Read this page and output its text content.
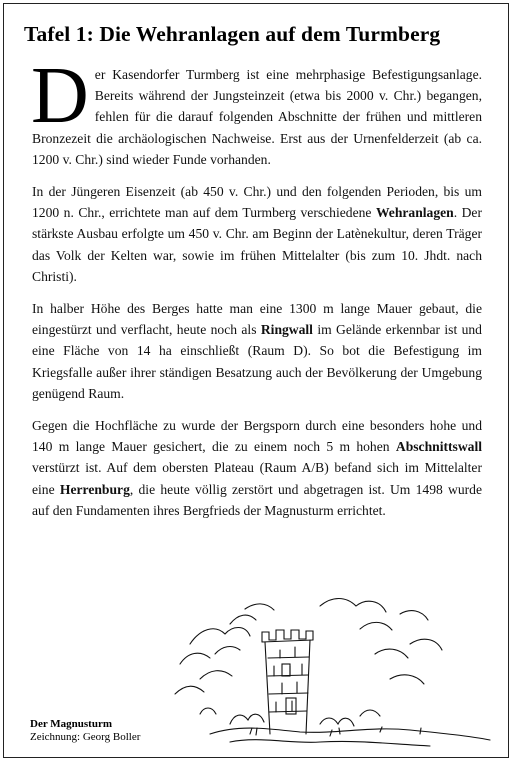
Tafel 1: Die Wehranlagen auf dem Turmberg

Der Kasendorfer Turmberg ist eine mehrphasige Befestigungsanlage. Bereits während der Jungsteinzeit (etwa bis 2000 v. Chr.) begangen, fehlen für die darauf folgenden Abschnitte der frühen und mittleren Bronzezeit die archäologischen Nachweise. Erst aus der Urnenfelderzeit (ab ca. 1200 v. Chr.) sind wieder Funde vorhanden.

In der Jüngeren Eisenzeit (ab 450 v. Chr.) und den folgenden Perioden, bis um 1200 n. Chr., errichtete man auf dem Turmberg verschiedene Wehranlagen. Der stärkste Ausbau erfolgte um 450 v. Chr. am Beginn der Latènekultur, deren Träger das Volk der Kelten war, sowie im frühen Mittelalter (bis zum 10. Jhdt. nach Christi).

In halber Höhe des Berges hatte man eine 1300 m lange Mauer gebaut, die eingestürzt und verflacht, heute noch als Ringwall im Gelände erkennbar ist und eine Fläche von 14 ha einschließt (Raum D). So bot die Befestigung im Kriegsfalle außer ihrer ständigen Besatzung auch der Bevölkerung der Umgebung genügend Raum.

Gegen die Hochfläche zu wurde der Bergsporn durch eine besonders hohe und 140 m lange Mauer gesichert, die zu einem noch 5 m hohen Abschnittswall verstürzt ist. Auf dem obersten Plateau (Raum A/B) befand sich im Mittelalter eine Herrenburg, die heute völlig zerstört und abgetragen ist. Um 1498 wurde auf den Fundamenten ihres Bergfrieds der Magnusturm errichtet.

Der Magnusturm
Zeichnung: Georg Boller
